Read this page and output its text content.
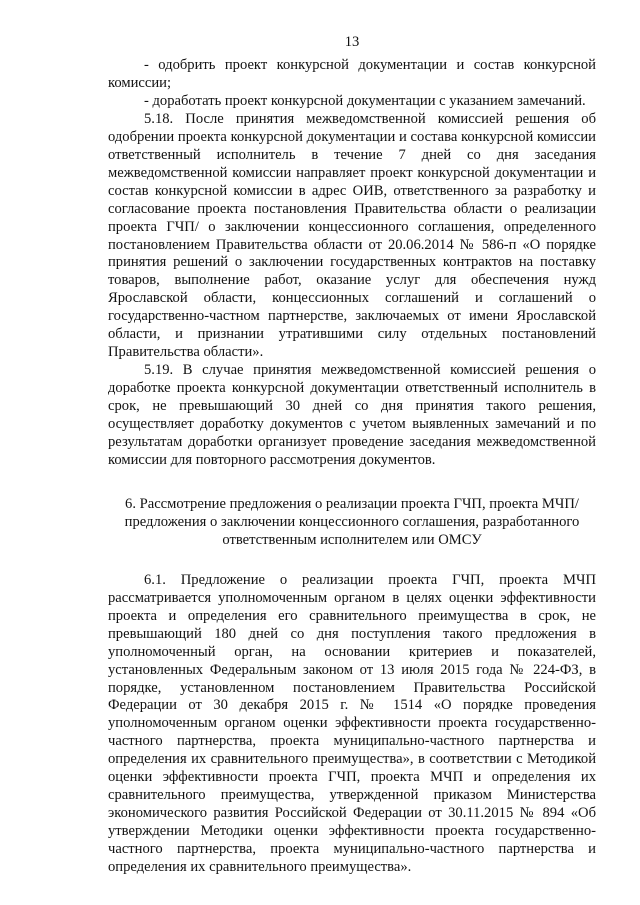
13

- одобрить проект конкурсной документации и состав конкурсной комиссии;

- доработать проект конкурсной документации с указанием замечаний.

5.18. После принятия межведомственной комиссией решения об одобрении проекта конкурсной документации и состава конкурсной комиссии ответственный исполнитель в течение 7 дней со дня заседания межведомственной комиссии направляет проект конкурсной документации и состав конкурсной комиссии в адрес ОИВ, ответственного за разработку и согласование проекта постановления Правительства области о реализации проекта ГЧП/ о заключении концессионного соглашения, определенного постановлением Правительства области от 20.06.2014 № 586-п «О порядке принятия решений о заключении государственных контрактов на поставку товаров, выполнение работ, оказание услуг для обеспечения нужд Ярославской области, концессионных соглашений и соглашений о государственно-частном партнерстве, заключаемых от имени Ярославской области, и признании утратившими силу отдельных постановлений Правительства области».

5.19. В случае принятия межведомственной комиссией решения о доработке проекта конкурсной документации ответственный исполнитель в срок, не превышающий 30 дней со дня принятия такого решения, осуществляет доработку документов с учетом выявленных замечаний и по результатам доработки организует проведение заседания межведомственной комиссии для повторного рассмотрения документов.

6. Рассмотрение предложения о реализации проекта ГЧП, проекта МЧП/
предложения о заключении концессионного соглашения, разработанного
ответственным исполнителем или ОМСУ

6.1. Предложение о реализации проекта ГЧП, проекта МЧП рассматривается уполномоченным органом в целях оценки эффективности проекта и определения его сравнительного преимущества в срок, не превышающий 180 дней со дня поступления такого предложения в уполномоченный орган, на основании критериев и показателей, установленных Федеральным законом от 13 июля 2015 года № 224-ФЗ, в порядке, установленном постановлением Правительства Российской Федерации от 30 декабря 2015 г. № 1514 «О порядке проведения уполномоченным органом оценки эффективности проекта государственно-частного партнерства, проекта муниципально-частного партнерства и определения их сравнительного преимущества», в соответствии с Методикой оценки эффективности проекта ГЧП, проекта МЧП и определения их сравнительного преимущества, утвержденной приказом Министерства экономического развития Российской Федерации от 30.11.2015 № 894 «Об утверждении Методики оценки эффективности проекта государственно-частного партнерства, проекта муниципально-частного партнерства и определения их сравнительного преимущества».
